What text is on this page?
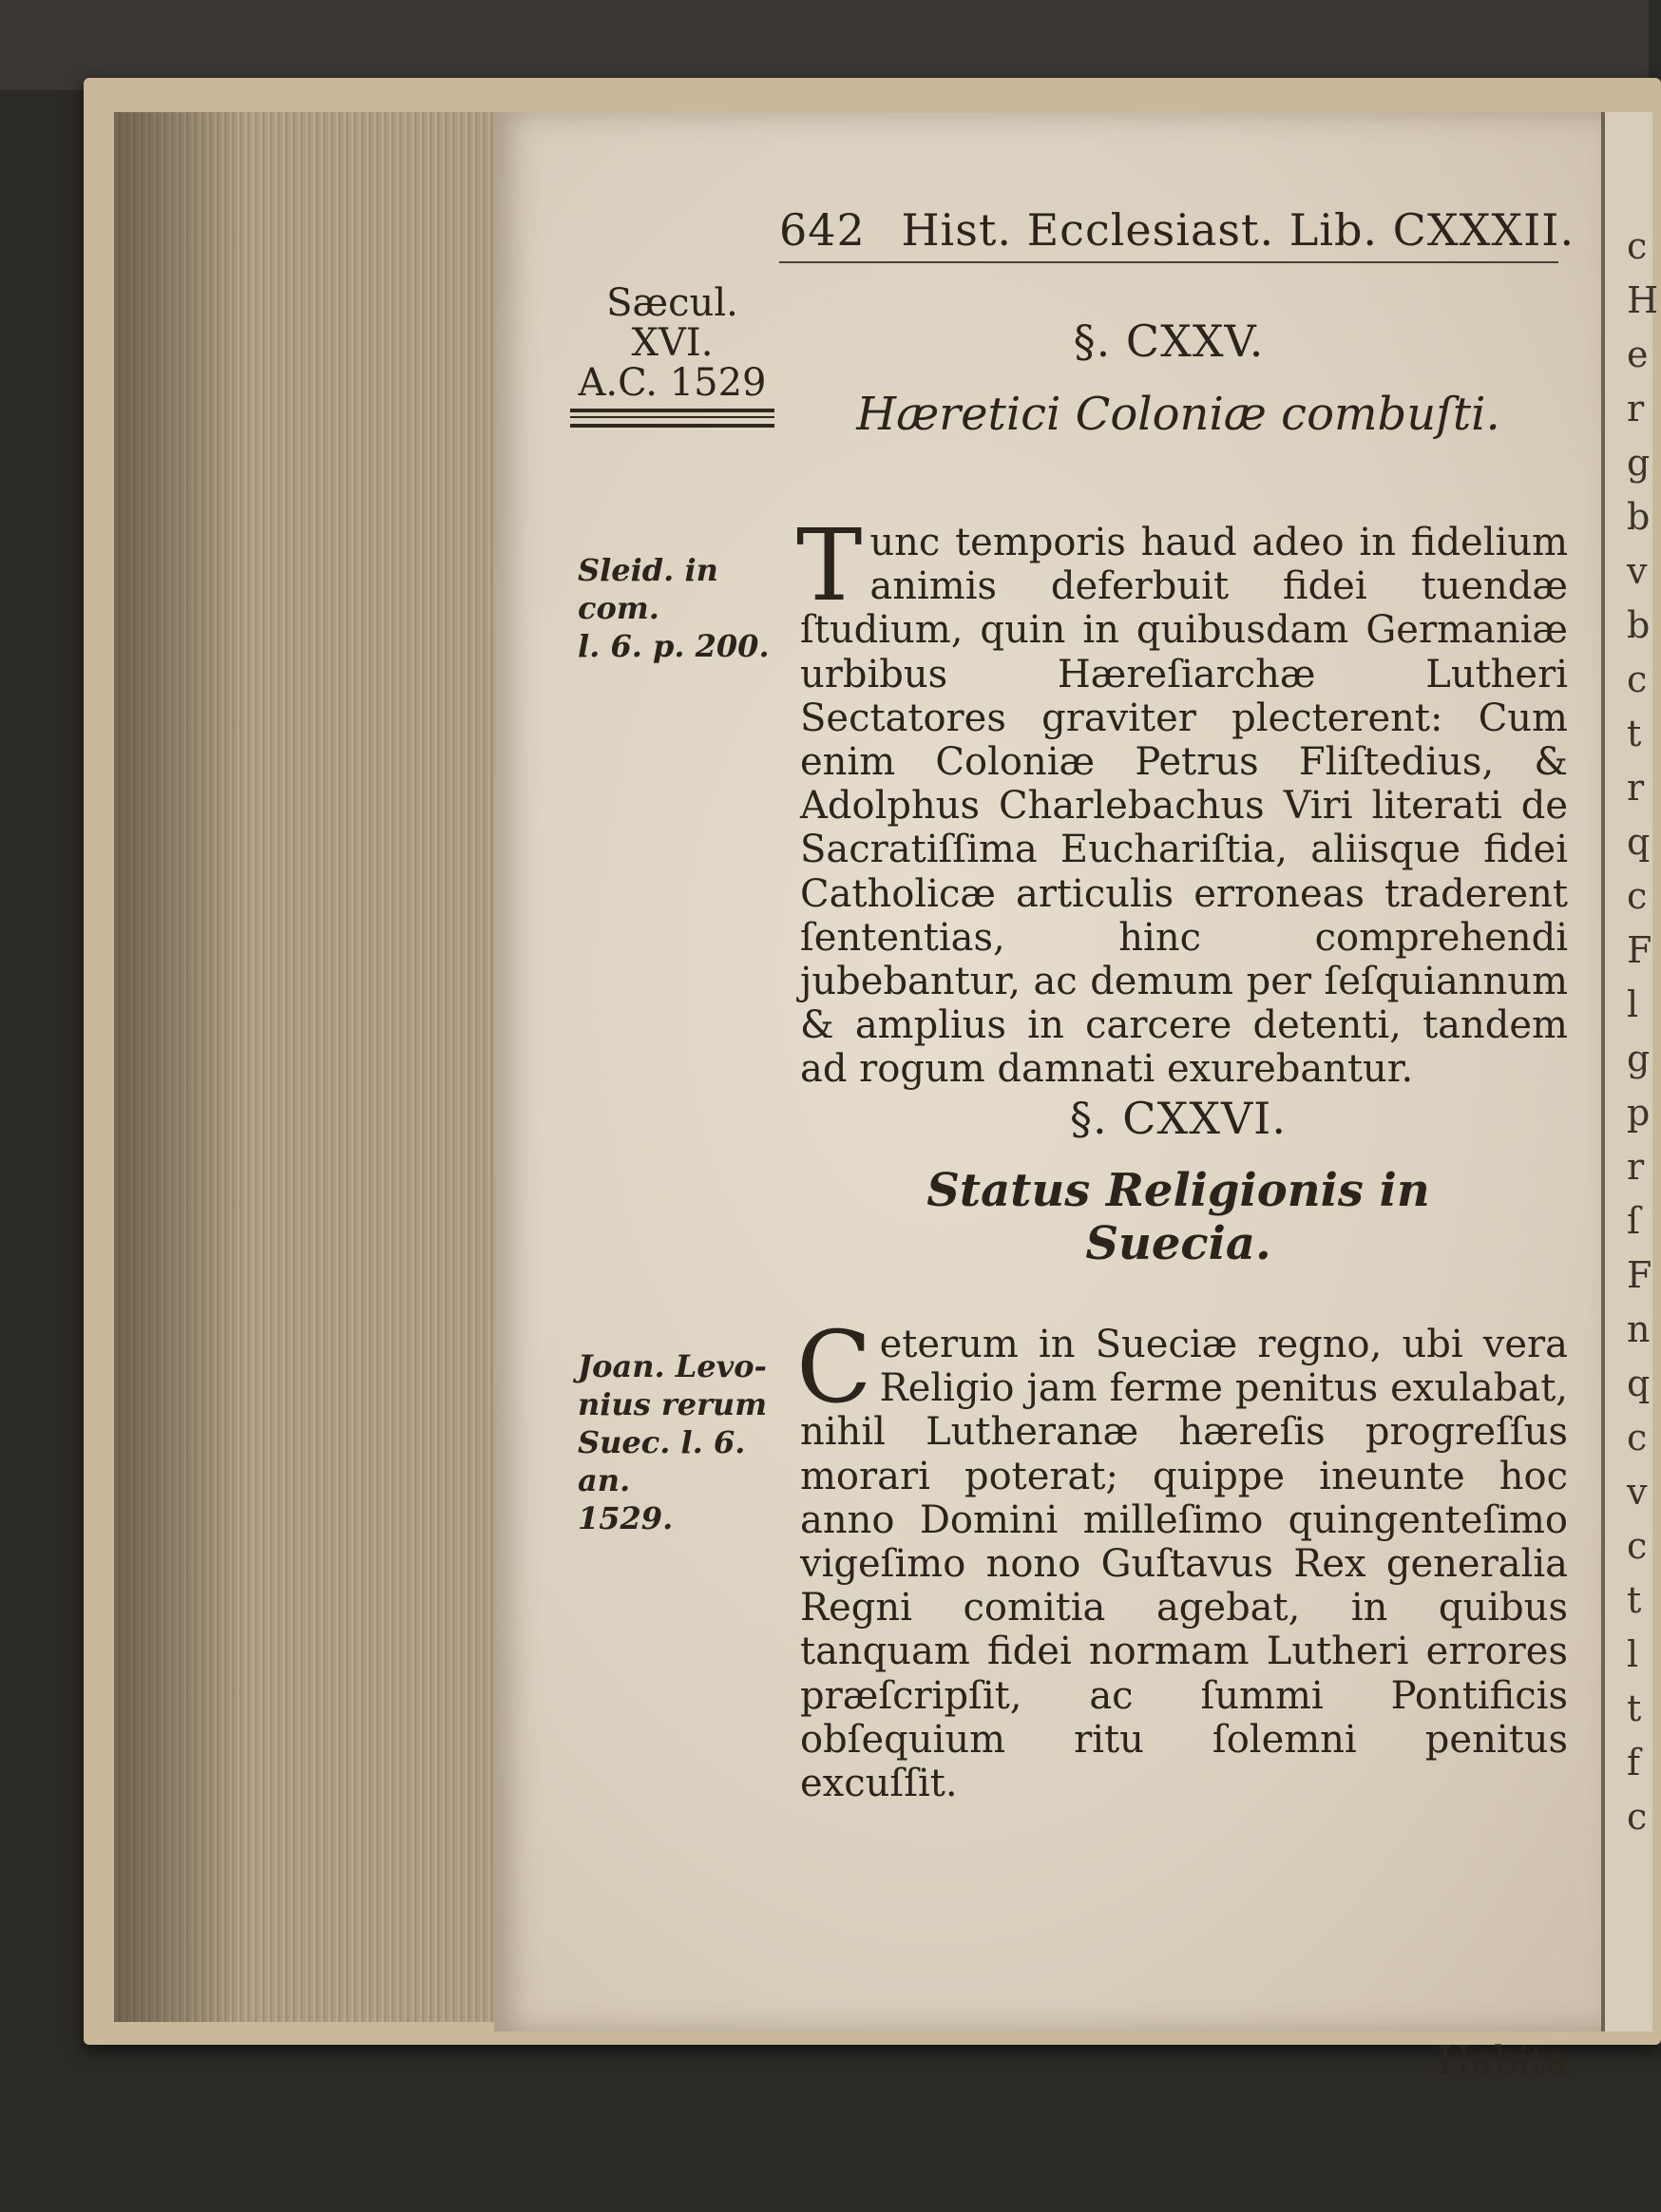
c
H
e
r
g
b
v
b
c
t
r
q
c
F
l
g
p
r
ſ
F
n
q
c
v
c
t
l
t
f
c
642 Hist. Ecclesiast. Lib. CXXXII.
Sæcul. XVI.
A.C. 1529
Sleid. in com.
l. 6. p. 200.
Joan. Levo-
nius rerum
Suec. l. 6. an.
1529.
§. CXXV.
Hæretici Coloniæ combuſti.
T unc temporis haud adeo in fidelium animis deferbuit fidei tuendæ ſtudium, quin in quibusdam Germaniæ urbibus Hæreſiarchæ Lutheri Sectatores graviter plecterent: Cum enim Coloniæ Petrus Fliſtedius, & Adolphus Charlebachus Viri literati de Sacratiſſima Euchariſtia, aliisque fidei Catholicæ articulis erroneas traderent ſententias, hinc comprehendi jubebantur, ac demum per ſeſquiannum & amplius in carcere detenti, tandem ad rogum damnati exurebantur.
§. CXXVI.
Status Religionis in Suecia.
C eterum in Sueciæ regno, ubi vera Religio jam ferme penitus exulabat, nihil Lutheranæ hæreſis progreſſus morari poterat; quippe ineunte hoc anno Domini milleſimo quingenteſimo vigeſimo nono Guſtavus Rex generalia Regni comitia agebat, in quibus tanquam fidei normam Lutheri errores præſcripſit, ac ſummi Pontificis obſequium ritu ſolemni penitus excuſſit.
Habita
